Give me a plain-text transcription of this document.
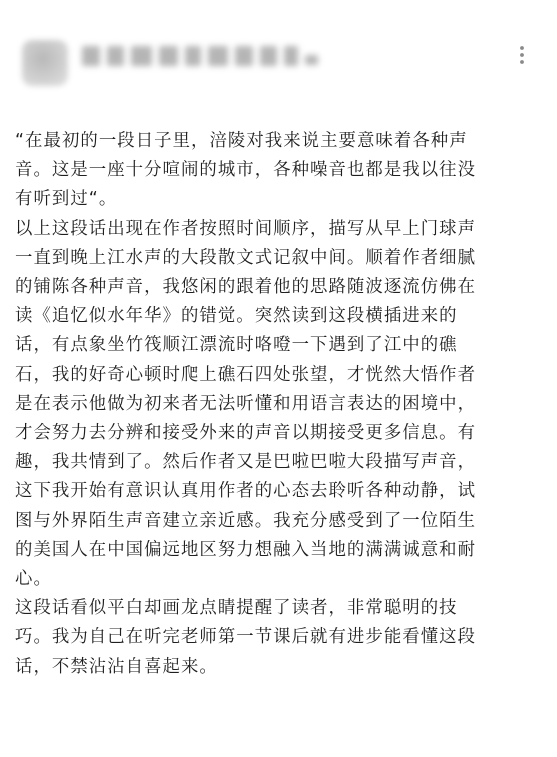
“在最初的一段日子里，涪陵对我来说主要意味着各种声
音。这是一座十分喧闹的城市，各种噪音也都是我以往没
有听到过“。

以上这段话出现在作者按照时间顺序，描写从早上门球声
一直到晚上江水声的大段散文式记叙中间。顺着作者细腻
的铺陈各种声音，我悠闲的跟着他的思路随波逐流仿佛在
读《追忆似水年华》的错觉。突然读到这段横插进来的
话，有点象坐竹筏顺江漂流时咯噔一下遇到了江中的礁
石，我的好奇心顿时爬上礁石四处张望，才恍然大悟作者
是在表示他做为初来者无法听懂和用语言表达的困境中，
才会努力去分辨和接受外来的声音以期接受更多信息。有
趣，我共情到了。然后作者又是巴啦巴啦大段描写声音，
这下我开始有意识认真用作者的心态去聆听各种动静，试
图与外界陌生声音建立亲近感。我充分感受到了一位陌生
的美国人在中国偏远地区努力想融入当地的满满诚意和耐
心。

这段话看似平白却画龙点睛提醒了读者，非常聪明的技
巧。我为自己在听完老师第一节课后就有进步能看懂这段
话，不禁沾沾自喜起来。
